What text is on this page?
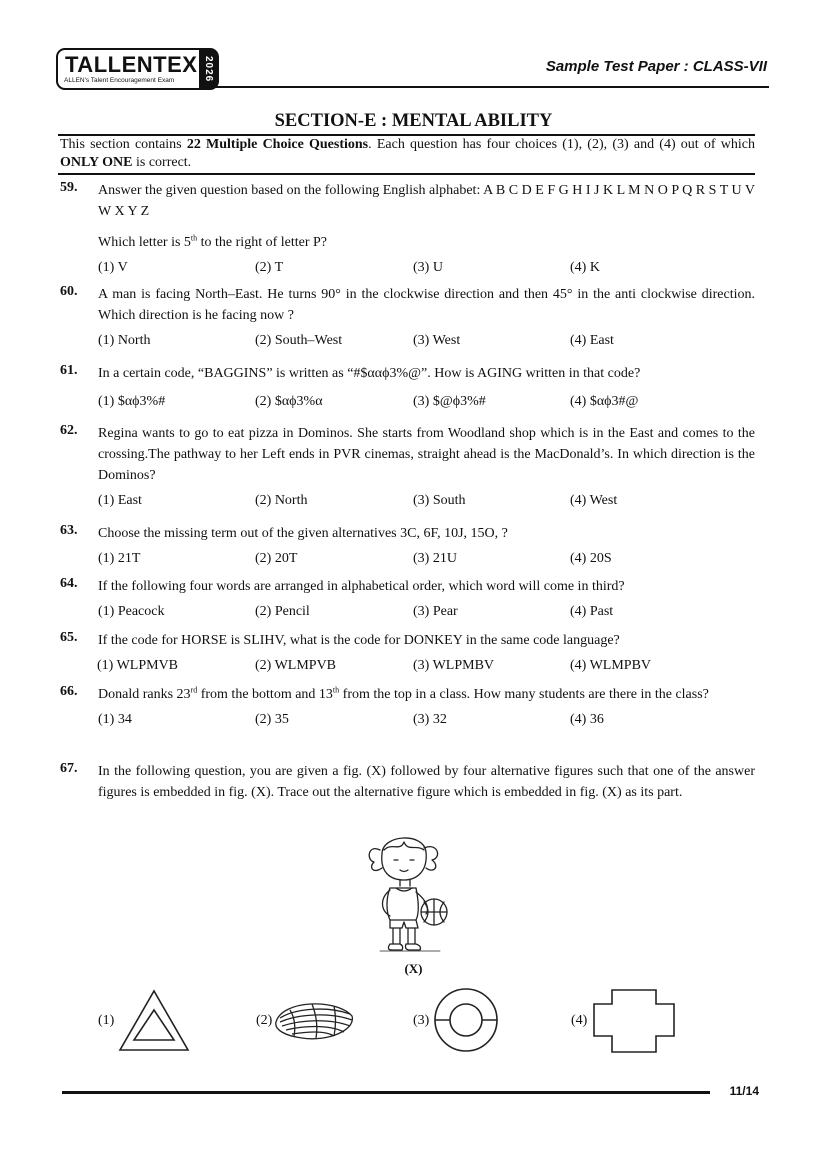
TALLENTEX
ALLEN's Talent Encouragement Exam	2026	Sample Test Paper : CLASS-VII
SECTION-E : MENTAL ABILITY
This section contains 22 Multiple Choice Questions. Each question has four choices (1), (2), (3) and (4) out of which ONLY ONE is correct.
59. Answer the given question based on the following English alphabet: A B C D E F G H I J K L M N O P Q R S T U V W X Y Z
Which letter is 5th to the right of letter P?
(1) V	(2) T	(3) U	(4) K
60. A man is facing North–East. He turns 90° in the clockwise direction and then 45° in the anti clockwise direction. Which direction is he facing now ?
(1) North	(2) South–West	(3) West	(4) East
61. In a certain code, “BAGGINS” is written as “#$ααϕ3%@”. How is AGING written in that code?
(1) $αϕ3%#	(2) $αϕ3%α	(3) $@ϕ3%#	(4) $αϕ3#@
62. Regina wants to go to eat pizza in Dominos. She starts from Woodland shop which is in the East and comes to the crossing.The pathway to her Left ends in PVR cinemas, straight ahead is the MacDonald’s. In which direction is the Dominos?
(1) East	(2) North	(3) South	(4) West
63. Choose the missing term out of the given alternatives 3C, 6F, 10J, 15O, ?
(1) 21T	(2) 20T	(3) 21U	(4) 20S
64. If the following four words are arranged in alphabetical order, which word will come in third?
(1) Peacock	(2) Pencil	(3) Pear	(4) Past
65. If the code for HORSE is SLIHV, what is the code for DONKEY in the same code language?
(1) WLPMVB	(2) WLMPVB	(3) WLPMBV	(4) WLMPBV
66. Donald ranks 23rd from the bottom and 13th from the top in a class. How many students are there in the class?
(1) 34	(2) 35	(3) 32	(4) 36
67. In the following question, you are given a fig. (X) followed by four alternative figures such that one of the answer figures is embedded in fig. (X). Trace out the alternative figure which is embedded in fig. (X) as its part.
(X)
(1)	(2)	(3)	(4)
11/14
